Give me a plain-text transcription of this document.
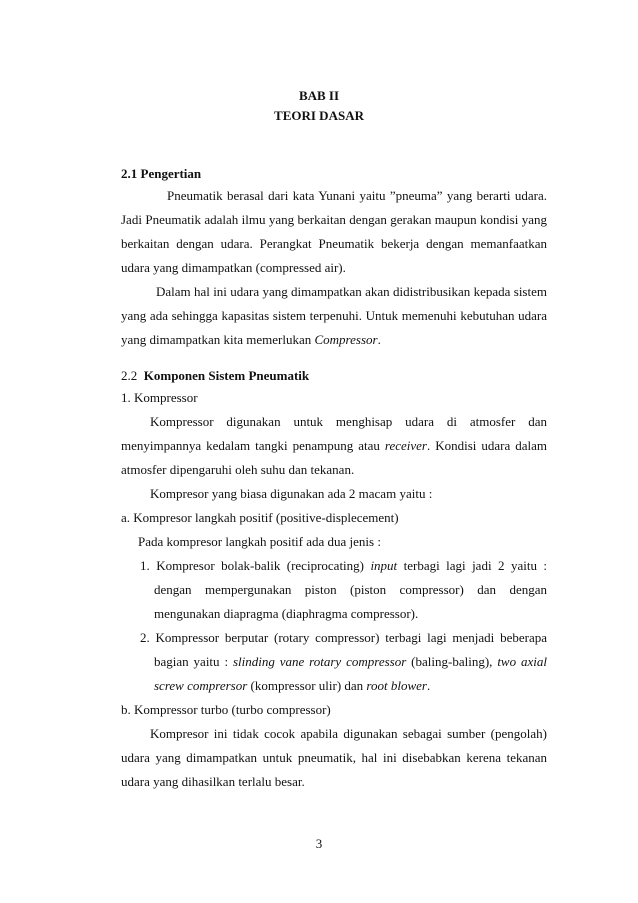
BAB II
TEORI DASAR
2.1 Pengertian
Pneumatik berasal dari kata Yunani yaitu ”pneuma” yang berarti udara.
Jadi Pneumatik adalah ilmu yang berkaitan dengan gerakan maupun kondisi yang
berkaitan dengan udara. Perangkat Pneumatik bekerja dengan memanfaatkan
udara yang dimampatkan (compressed air).
Dalam hal ini udara yang dimampatkan akan didistribusikan kepada sistem
yang ada sehingga kapasitas sistem terpenuhi. Untuk memenuhi kebutuhan udara
yang dimampatkan kita memerlukan Compressor.
2.2 Komponen Sistem Pneumatik
1. Kompressor
Kompressor digunakan untuk menghisap udara di atmosfer dan
menyimpannya kedalam tangki penampung atau receiver. Kondisi udara dalam
atmosfer dipengaruhi oleh suhu dan tekanan.
Kompresor yang biasa digunakan ada 2 macam yaitu :
a. Kompresor langkah positif (positive-displecement)
Pada kompresor langkah positif ada dua jenis :
1. Kompresor bolak-balik (reciprocating) input terbagi lagi jadi 2 yaitu :
dengan mempergunakan piston (piston compressor) dan dengan
mengunakan diapragma (diaphragma compressor).
2. Kompressor berputar (rotary compressor) terbagi lagi menjadi beberapa
bagian yaitu : slinding vane rotary compressor (baling-baling), two axial
screw comprersor (kompressor ulir) dan root blower.
b. Kompressor turbo (turbo compressor)
Kompresor ini tidak cocok apabila digunakan sebagai sumber (pengolah)
udara yang dimampatkan untuk pneumatik, hal ini disebabkan kerena tekanan
udara yang dihasilkan terlalu besar.
3
